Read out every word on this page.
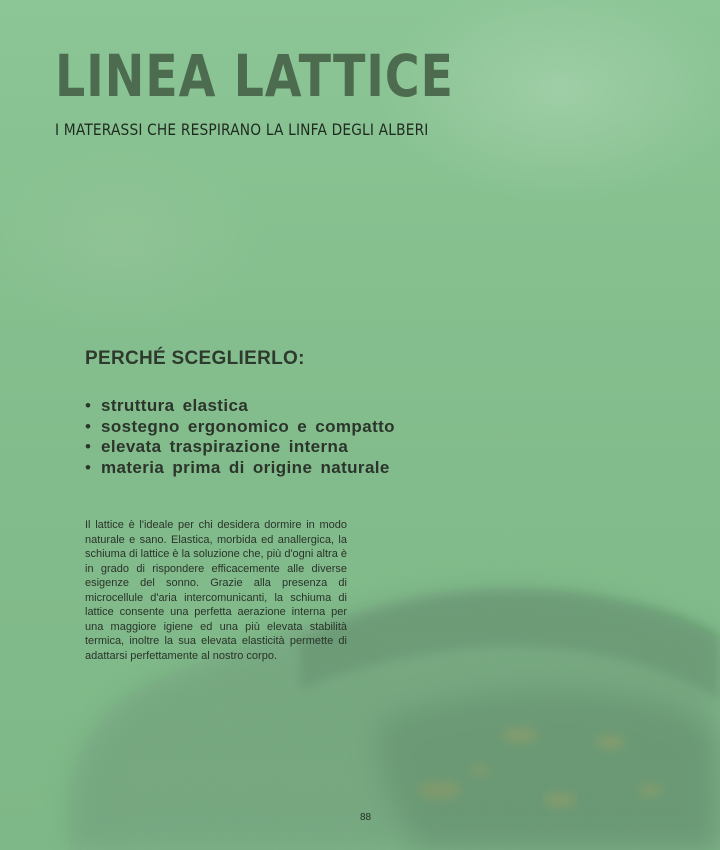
LINEA LATTICE

I MATERASSI CHE RESPIRANO LA LINFA DEGLI ALBERI

PERCHÉ SCEGLIERLO:
• struttura elastica
• sostegno ergonomico e compatto
• elevata traspirazione interna
• materia prima di origine naturale

Il lattice è l'ideale per chi desidera dormire in modo naturale e sano. Elastica, morbida ed anallergica, la schiuma di lattice è la soluzione che, più d'ogni altra è in grado di rispondere efficacemente alle diverse esigenze del sonno. Grazie alla presenza di microcellule d'aria intercomunicanti, la schiuma di lattice consente una perfetta aerazione interna per una maggiore igiene ed una più elevata stabilità termica, inoltre la sua elevata elasticità permette di adattarsi perfettamente al nostro corpo.

88
